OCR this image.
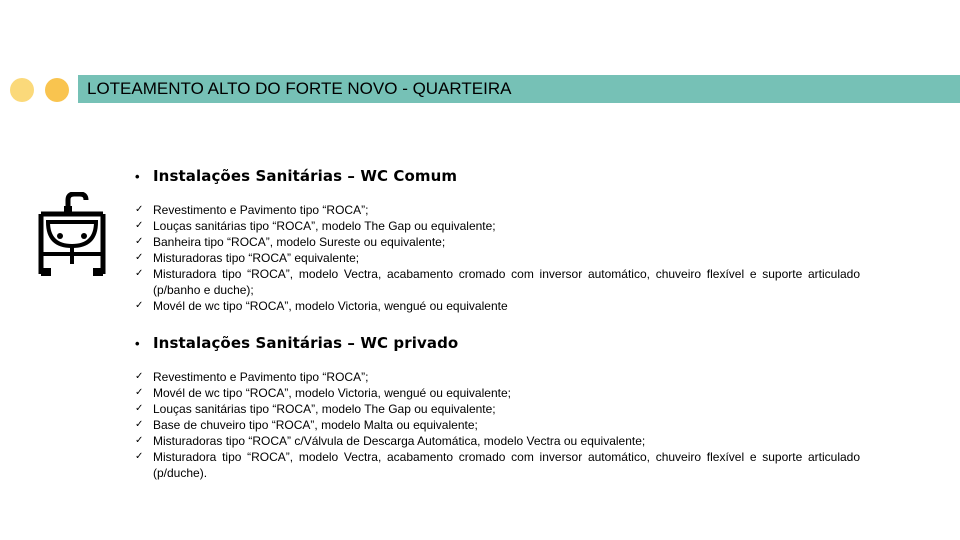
LOTEAMENTO ALTO DO FORTE NOVO - QUARTEIRA
• Instalações Sanitárias – WC Comum
✓ Revestimento e Pavimento tipo “ROCA”;
✓ Louças sanitárias tipo “ROCA”, modelo The Gap ou equivalente;
✓ Banheira tipo “ROCA”, modelo Sureste ou equivalente;
✓ Misturadoras tipo “ROCA” equivalente;
✓ Misturadora tipo “ROCA”, modelo Vectra, acabamento cromado com inversor automático, chuveiro flexível e suporte articulado (p/banho e duche);
✓ Movél de wc tipo “ROCA”, modelo Victoria, wengué ou equivalente
• Instalações Sanitárias – WC privado
✓ Revestimento e Pavimento tipo “ROCA”;
✓ Movél de wc tipo “ROCA”, modelo Victoria, wengué ou equivalente;
✓ Louças sanitárias tipo “ROCA”, modelo The Gap ou equivalente;
✓ Base de chuveiro tipo “ROCA”, modelo Malta ou equivalente;
✓ Misturadoras tipo “ROCA” c/Válvula de Descarga Automática, modelo Vectra ou equivalente;
✓ Misturadora tipo “ROCA”, modelo Vectra, acabamento cromado com inversor automático, chuveiro flexível e suporte articulado (p/duche).
